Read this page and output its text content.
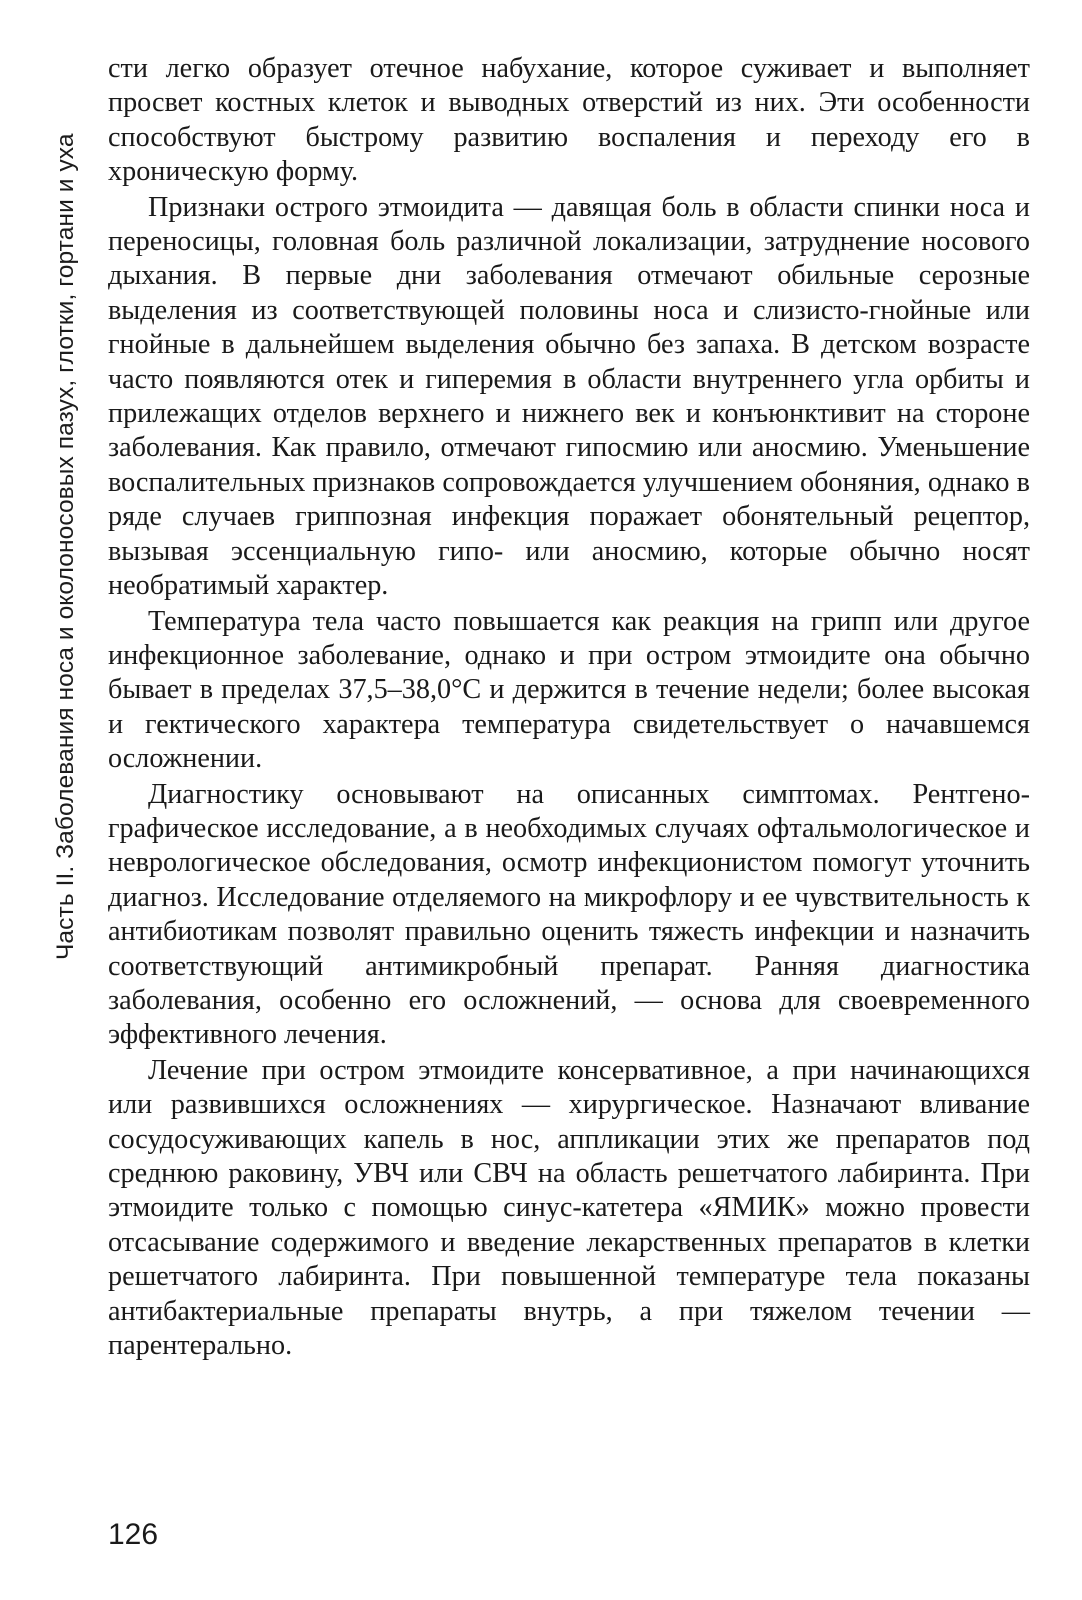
Часть II. Заболевания носа и околоносовых пазух, глотки, гортани и уха

сти легко образует отечное набухание, которое суживает и выполняет просвет костных клеток и выводных отверстий из них. Эти особенности способствуют быстрому развитию воспаления и переходу его в хроническую форму.

Признаки острого этмоидита — давящая боль в области спинки носа и переносицы, головная боль различной локализации, затруднение носового дыхания. В первые дни заболевания отмечают обильные серозные выделения из соответствующей половины носа и слизисто-гнойные или гнойные в дальнейшем выделения обычно без запаха. В детском возрасте часто появляются отек и гиперемия в области внутреннего угла орбиты и прилежащих отделов верхнего и нижнего век и конъюнктивит на стороне заболевания. Как правило, отмечают гипосмию или аносмию. Уменьшение воспалительных признаков сопровождается улучшением обоняния, однако в ряде случаев гриппозная инфекция поражает обонятельный рецептор, вызывая эссенциальную гипо- или аносмию, которые обычно носят необратимый характер.

Температура тела часто повышается как реакция на грипп или другое инфекционное заболевание, однако и при остром этмоидите она обычно бывает в пределах 37,5–38,0°С и держится в течение недели; более высокая и гектического характера температура свидетельствует о начавшемся осложнении.

Диагностику основывают на описанных симптомах. Рентгенографическое исследование, а в необходимых случаях офтальмологическое и неврологическое обследования, осмотр инфекционистом помогут уточнить диагноз. Исследование отделяемого на микрофлору и ее чувствительность к антибиотикам позволят правильно оценить тяжесть инфекции и назначить соответствующий антимикробный препарат. Ранняя диагностика заболевания, особенно его осложнений, — основа для своевременного эффективного лечения.

Лечение при остром этмоидите консервативное, а при начинающихся или развившихся осложнениях — хирургическое. Назначают вливание сосудосуживающих капель в нос, аппликации этих же препаратов под среднюю раковину, УВЧ или СВЧ на область решетчатого лабиринта. При этмоидите только с помощью синус-катетера «ЯМИК» можно провести отсасывание содержимого и введение лекарственных препаратов в клетки решетчатого лабиринта. При повышенной температуре тела показаны антибактериальные препараты внутрь, а при тяжелом течении — парентерально.

126
